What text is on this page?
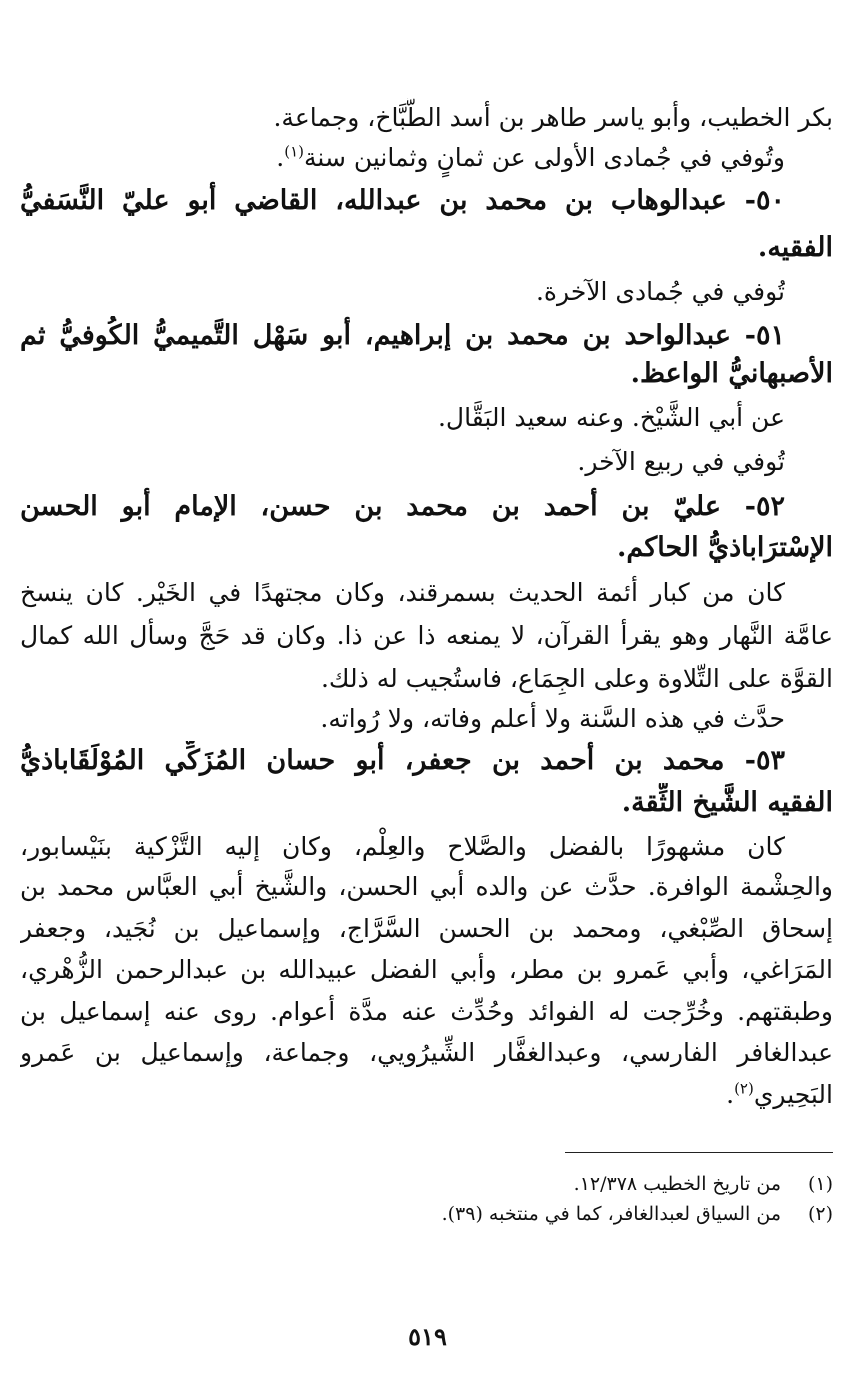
بكر الخطيب، وأبو ياسر طاهر بن أسد الطَّبَّاخ، وجماعة.
وتُوفي في جُمادى الأولى عن ثمانٍ وثمانين سنة$^{(١)}$.
٥٠- عبدالوهاب بن محمد بن عبدالله، القاضي أبو عليّ النَّسَفيُّ
الفقيه.
تُوفي في جُمادى الآخرة.
٥١- عبدالواحد بن محمد بن إبراهيم، أبو سَهْل التَّميميُّ الكُوفيُّ ثم
الأصبهانيُّ الواعظ.
عن أبي الشَّيْخ. وعنه سعيد البَقَّال.
تُوفي في ربيع الآخر.
٥٢- عليّ بن أحمد بن محمد بن حسن، الإمام أبو الحسن
الإسْترَاباذيُّ الحاكم.
كان من كبار أئمة الحديث بسمرقند، وكان مجتهدًا في الخَيْر. كان ينسخ
عامَّة النَّهار وهو يقرأ القرآن، لا يمنعه ذا عن ذا. وكان قد حَجَّ وسأل الله كمال
القوَّة على التِّلاوة وعلى الجِمَاع، فاستُجيب له ذلك.
حدَّث في هذه السَّنة ولا أعلم وفاته، ولا رُواته.
٥٣- محمد بن أحمد بن جعفر، أبو حسان المُزَكِّي المُوْلَقَاباذيُّ
الفقيه الشَّيخ الثِّقة.
كان مشهورًا بالفضل والصَّلاح والعِلْم، وكان إليه التَّزْكية بنَيْسابور،
والحِشْمة الوافرة. حدَّث عن والده أبي الحسن، والشَّيخ أبي العبَّاس محمد بن
إسحاق الصِّبْغي، ومحمد بن الحسن السَّرَّاج، وإسماعيل بن نُجَيد، وجعفر
المَرَاغي، وأبي عَمرو بن مطر، وأبي الفضل عبيدالله بن عبدالرحمن الزُّهْري،
وطبقتهم. وخُرِّجت له الفوائد وحُدِّث عنه مدَّة أعوام. روى عنه إسماعيل بن
عبدالغافر الفارسي، وعبدالغفَّار الشِّيرُويي، وجماعة، وإسماعيل بن عَمرو
البَحِيري$^{(٢)}$.
(١)من تاريخ الخطيب ١٢/٣٧٨.
(٢)من السياق لعبدالغافر، كما في منتخبه (٣٩).
٥١٩
